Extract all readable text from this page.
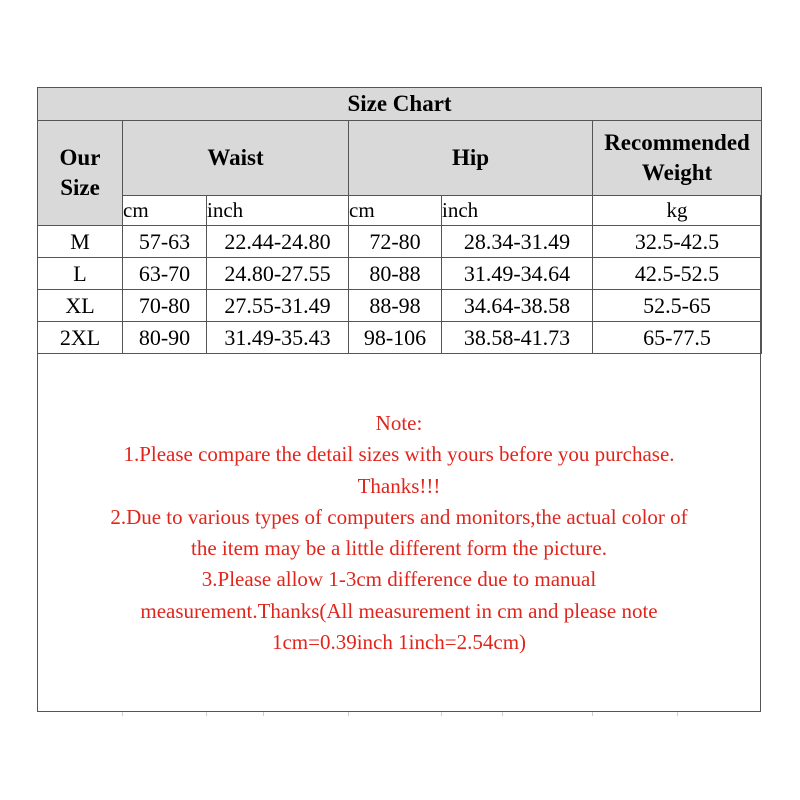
Size Chart					

Our Size	Waist		Hip		Recommended Weight

	cm	inch	cm	inch	kg
M	57-63	22.44-24.80	72-80	28.34-31.49	32.5-42.5
L	63-70	24.80-27.55	80-88	31.49-34.64	42.5-52.5
XL	70-80	27.55-31.49	88-98	34.64-38.58	52.5-65
2XL	80-90	31.49-35.43	98-106	38.58-41.73	65-77.5
Note:
1.Please compare the detail sizes with yours before you purchase.
Thanks!!!
2.Due to various types of computers and monitors,the actual color of
the item may be a little different form the picture.
3.Please allow 1-3cm difference due to manual
measurement.Thanks(All measurement in cm and please note
1cm=0.39inch 1inch=2.54cm)
